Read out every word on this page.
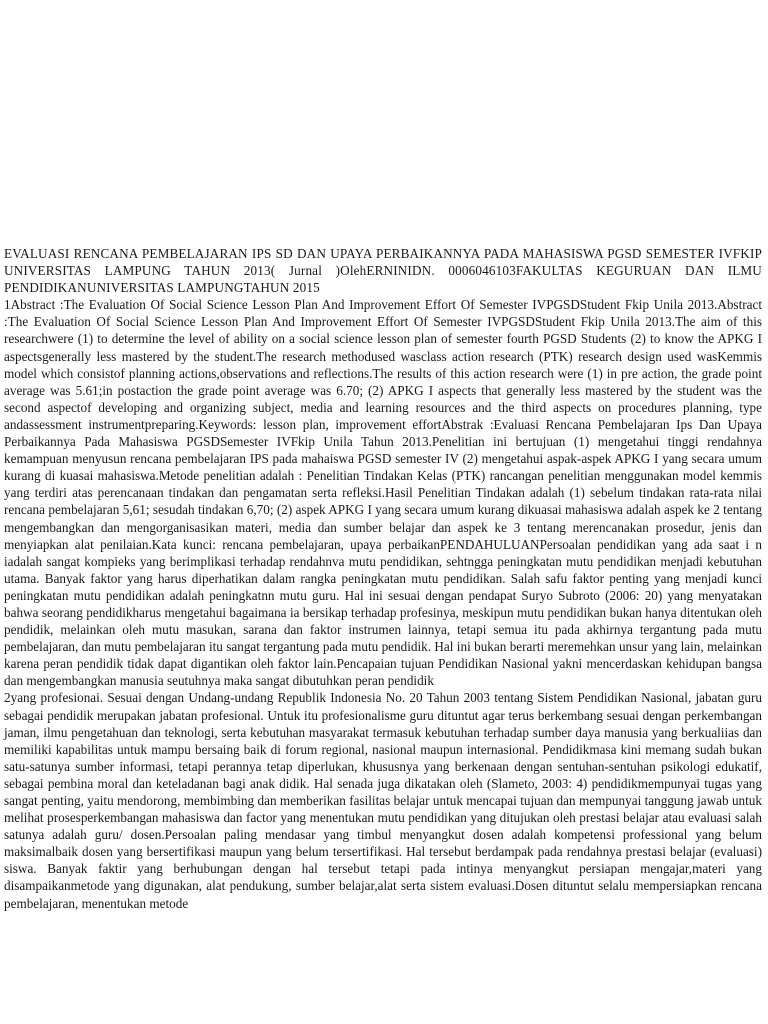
EVALUASI RENCANA PEMBELAJARAN IPS SD DAN UPAYA PERBAIKANNYA PADA MAHASISWA PGSD SEMESTER IVFKIP UNIVERSITAS LAMPUNG TAHUN 2013( Jurnal )OlehERNINIDN. 0006046103FAKULTAS KEGURUAN DAN ILMU PENDIDIKANUNIVERSITAS LAMPUNGTAHUN 2015

1Abstract :The Evaluation Of Social Science Lesson Plan And Improvement Effort Of Semester IVPGSDStudent Fkip Unila 2013.Abstract :The Evaluation Of Social Science Lesson Plan And Improvement Effort Of Semester IVPGSDStudent Fkip Unila 2013.The aim of this researchwere (1) to determine the level of ability on a social science lesson plan of semester fourth PGSD Students (2) to know the APKG I aspectsgenerally less mastered by the student.The research methodused wasclass action research (PTK) research design used wasKemmis model which consistof planning actions,observations and reflections.The results of this action research were (1) in pre action, the grade point average was 5.61;in postaction the grade point average was 6.70; (2) APKG I aspects that generally less mastered by the student was the second aspectof developing and organizing subject, media and learning resources and the third aspects on procedures planning, type andassessment instrumentpreparing.Keywords: lesson plan, improvement effortAbstrak :Evaluasi Rencana Pembelajaran Ips Dan Upaya Perbaikannya Pada Mahasiswa PGSDSemester IVFkip Unila Tahun 2013.Penelitian ini bertujuan (1) mengetahui tinggi rendahnya kemampuan menyusun rencana pembelajaran IPS pada mahaiswa PGSD semester IV (2) mengetahui aspak-aspek APKG I yang secara umum kurang di kuasai mahasiswa.Metode penelitian adalah : Penelitian Tindakan Kelas (PTK) rancangan penelitian menggunakan model kemmis yang terdiri atas perencanaan tindakan dan pengamatan serta refleksi.Hasil Penelitian Tindakan adalah (1) sebelum tindakan rata-rata nilai rencana pembelajaran 5,61; sesudah tindakan 6,70; (2) aspek APKG I yang secara umum kurang dikuasai mahasiswa adalah aspek ke 2 tentang mengembangkan dan mengorganisasikan materi, media dan sumber belajar dan aspek ke 3 tentang merencanakan prosedur, jenis dan menyiapkan alat penilaian.Kata kunci: rencana pembelajaran, upaya perbaikanPENDAHULUANPersoalan pendidikan yang ada saat i n iadalah sangat kompieks yang berimplikasi terhadap rendahnva mutu pendidikan, sehtngga peningkatan mutu pendidikan menjadi kebutuhan utama. Banyak faktor yang harus diperhatikan dalam rangka peningkatan mutu pendidikan. Salah safu faktor penting yang menjadi kunci peningkatan mutu pendidikan adalah peningkatnn mutu guru. Hal ini sesuai dengan pendapat Suryo Subroto (2006: 20) yang menyatakan bahwa seorang pendidikharus mengetahui bagaimana ia bersikap terhadap profesinya, meskipun mutu pendidikan bukan hanya ditentukan oleh pendidik, melainkan oleh mutu masukan, sarana dan faktor instrumen lainnya, tetapi semua itu pada akhirnya tergantung pada mutu pembelajaran, dan mutu pembelajaran itu sangat tergantung pada mutu pendidik. Hal ini bukan berarti meremehkan unsur yang lain, melainkan karena peran pendidik tidak dapat digantikan oleh faktor lain.Pencapaian tujuan Pendidikan Nasional yakni mencerdaskan kehidupan bangsa dan mengembangkan manusia seutuhnya maka sangat dibutuhkan peran pendidik

2yang profesionai. Sesuai dengan Undang-undang Republik Indonesia No. 20 Tahun 2003 tentang Sistem Pendidikan Nasional, jabatan guru sebagai pendidik merupakan jabatan profesional. Untuk itu profesionalisme guru dituntut agar terus berkembang sesuai dengan perkembangan jaman, ilmu pengetahuan dan teknologi, serta kebutuhan masyarakat termasuk kebutuhan terhadap sumber daya manusia yang berkualiias dan memiliki kapabilitas untuk mampu bersaing baik di forum regional, nasional maupun internasional. Pendidikmasa kini memang sudah bukan satu-satunya sumber informasi, tetapi perannya tetap diperlukan, khususnya yang berkenaan dengan sentuhan-sentuhan psikologi edukatif, sebagai pembina moral dan keteladanan bagi anak didik. Hal senada juga dikatakan oleh (Slameto, 2003: 4) pendidikmempunyai tugas yang sangat penting, yaitu mendorong, membimbing dan memberikan fasilitas belajar untuk mencapai tujuan dan mempunyai tanggung jawab untuk melihat prosesperkembangan mahasiswa dan factor yang menentukan mutu pendidikan yang ditujukan oleh prestasi belajar atau evaluasi salah satunya adalah guru/ dosen.Persoalan paling mendasar yang timbul menyangkut dosen adalah kompetensi professional yang belum maksimalbaik dosen yang bersertifikasi maupun yang belum tersertifikasi. Hal tersebut berdampak pada rendahnya prestasi belajar (evaluasi) siswa. Banyak faktir yang berhubungan dengan hal tersebut tetapi pada intinya menyangkut persiapan mengajar,materi yang disampaikanmetode yang digunakan, alat pendukung, sumber belajar,alat serta sistem evaluasi.Dosen dituntut selalu mempersiapkan rencana pembelajaran, menentukan metode
